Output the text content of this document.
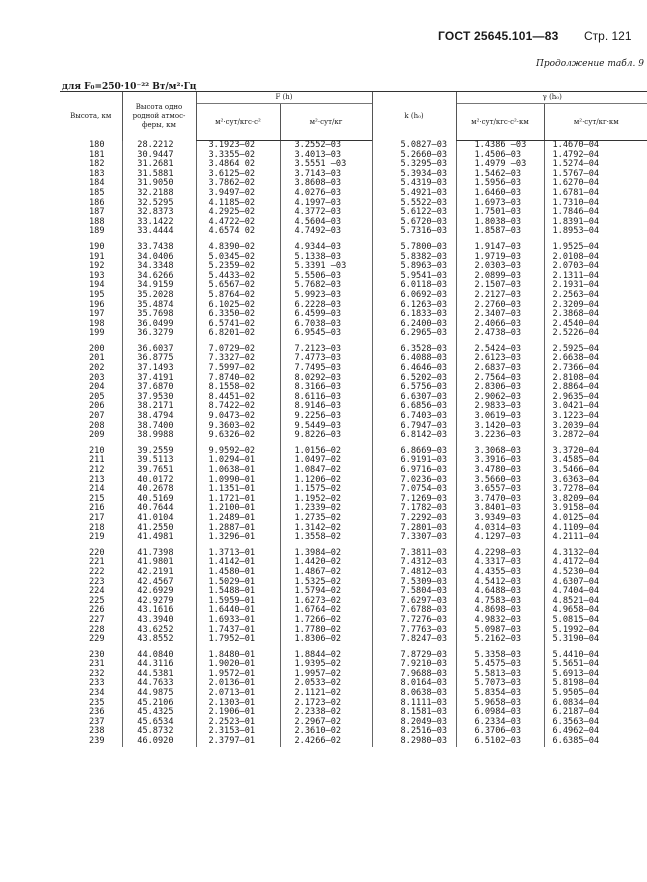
ГОСТ 25645.101—83 Стр. 121
Продолжение табл. 9
для F₀=250·10⁻²² Вт/м²·Гц
Высота, км	Высота одно родной атмос-феры, км	F (h)		k (h₀)	γ (h₀)	
		м²·сут/кгс·с²	м²·сут/кг		м²·сут/кгс·с²·км	м²·сут/кг·км
180	28.2212	3.1923—02	3.2552—03	5.0827—03	1.4386 —03	1.4670—04
181	30.9447	3.3355—02	3.4013—03	5.2660—03	1.4506—03	1.4792—04
182	31.2681	3.4864 02	3.5551 —03	5.3295—03	1.4979 —03	1.5274—04
183	31.5881	3.6125—02	3.7143—03	5.3934—03	1.5462—03	1.5767—04
184	31.9050	3.7862—02	3.8608—03	5.4319—03	1.5956—03	1.6270—04
185	32.2188	3.9497—02	4.0276—03	5.4921—03	1.6460—03	1.6781—04
186	32.5295	4.1185—02	4.1997—03	5.5522—03	1.6973—03	1.7310—04
187	32.8373	4.2925—02	4.3772—03	5.6122—03	1.7501—03	1.7846—04
188	33.1422	4.4722—02	4.5604—03	5.6720—03	1.8038—03	1.8391—04
189	33.4444	4.6574 02	4.7492—03	5.7316—03	1.8587—03	1.8953—04

190	33.7438	4.8390—02	4.9344—03	5.7800—03	1.9147—03	1.9525—04
191	34.0406	5.0345—02	5.1338—03	5.8382—03	1.9719—03	2.0108—04
192	34.3348	5.2359—02	5.3391 —03	5.8963—03	2.0303—03	2.0703—04
193	34.6266	5.4433—02	5.5506—03	5.9541—03	2.0899—03	2.1311—04
194	34.9159	5.6567—02	5.7682—03	6.0118—03	2.1507—03	2.1931—04
195	35.2028	5.8764—02	5.9923—03	6.0692—03	2.2127—03	2.2563—04
196	35.4874	6.1025—02	6.2228—03	6.1263—03	2.2760—03	2.3209—04
197	35.7698	6.3350—02	6.4599—03	6.1833—03	2.3407—03	2.3868—04
198	36.0499	6.5741—02	6.7038—03	6.2400—03	2.4066—03	2.4540—04
199	36.3279	6.8201—02	6.9545—03	6.2965—03	2.4738—03	2.5226—04

200	36.6037	7.0729—02	7.2123—03	6.3528—03	2.5424—03	2.5925—04
201	36.8775	7.3327—02	7.4773—03	6.4088—03	2.6123—03	2.6638—04
202	37.1493	7.5997—02	7.7495—03	6.4646—03	2.6837—03	2.7366—04
203	37.4191	7.8740—02	8.0292—03	6.5202—03	2.7564—03	2.8108—04
204	37.6870	8.1558—02	8.3166—03	6.5756—03	2.8306—03	2.8864—04
205	37.9530	8.4451—02	8.6116—03	6.6307—03	2.9062—03	2.9635—04
206	38.2171	8.7422—02	8.9146—03	6.6856—03	2.9833—03	3.0421—04
207	38.4794	9.0473—02	9.2256—03	6.7403—03	3.0619—03	3.1223—04
208	38.7400	9.3603—02	9.5449—03	6.7947—03	3.1420—03	3.2039—04
209	38.9988	9.6326—02	9.8226—03	6.8142—03	3.2236—03	3.2872—04

210	39.2559	9.9592—02	1.0156—02	6.8669—03	3.3068—03	3.3720—04
211	39.5113	1.0294—01	1.0497—02	6.9191—03	3.3916—03	3.4585—04
212	39.7651	1.0638—01	1.0847—02	6.9716—03	3.4780—03	3.5466—04
213	40.0172	1.0990—01	1.1206—02	7.0236—03	3.5660—03	3.6363—04
214	40.2678	1.1351—01	1.1575—02	7.0754—03	3.6557—03	3.7278—04
215	40.5169	1.1721—01	1.1952—02	7.1269—03	3.7470—03	3.8209—04
216	40.7644	1.2100—01	1.2339—02	7.1782—03	3.8401—03	3.9158—04
217	41.0104	1.2489—01	1.2735—02	7.2292—03	3.9349—03	4.0125—04
218	41.2550	1.2887—01	1.3142—02	7.2801—03	4.0314—03	4.1109—04
219	41.4981	1.3296—01	1.3558—02	7.3307—03	4.1297—03	4.2111—04

220	41.7398	1.3713—01	1.3984—02	7.3811—03	4.2298—03	4.3132—04
221	41.9801	1.4142—01	1.4420—02	7.4312—03	4.3317—03	4.4172—04
222	42.2191	1.4580—01	1.4867—02	7.4812—03	4.4355—03	4.5230—04
223	42.4567	1.5029—01	1.5325—02	7.5309—03	4.5412—03	4.6307—04
224	42.6929	1.5488—01	1.5794—02	7.5804—03	4.6488—03	4.7404—04
225	42.9279	1.5959—01	1.6273—02	7.6297—03	4.7583—03	4.8521—04
226	43.1616	1.6440—01	1.6764—02	7.6788—03	4.8698—03	4.9658—04
227	43.3940	1.6933—01	1.7266—02	7.7276—03	4.9832—03	5.0815—04
228	43.6252	1.7437—01	1.7780—02	7.7763—03	5.0987—03	5.1992—04
229	43.8552	1.7952—01	1.8306—02	7.8247—03	5.2162—03	5.3190—04

230	44.0840	1.8480—01	1.8844—02	7.8729—03	5.3358—03	5.4410—04
231	44.3116	1.9020—01	1.9395—02	7.9210—03	5.4575—03	5.5651—04
232	44.5381	1.9572—01	1.9957—02	7.9688—03	5.5813—03	5.6913—04
233	44.7633	2.0136—01	2.0533—02	8.0164—03	5.7073—03	5.8198—04
234	44.9875	2.0713—01	2.1121—02	8.0638—03	5.8354—03	5.9505—04
235	45.2106	2.1303—01	2.1723—02	8.1111—03	5.9658—03	6.0834—04
236	45.4325	2.1906—01	2.2338—02	8.1581—03	6.0984—03	6.2187—04
237	45.6534	2.2523—01	2.2967—02	8.2049—03	6.2334—03	6.3563—04
238	45.8732	2.3153—01	2.3610—02	8.2516—03	6.3706—03	6.4962—04
239	46.0920	2.3797—01	2.4266—02	8.2980—03	6.5102—03	6.6385—04
